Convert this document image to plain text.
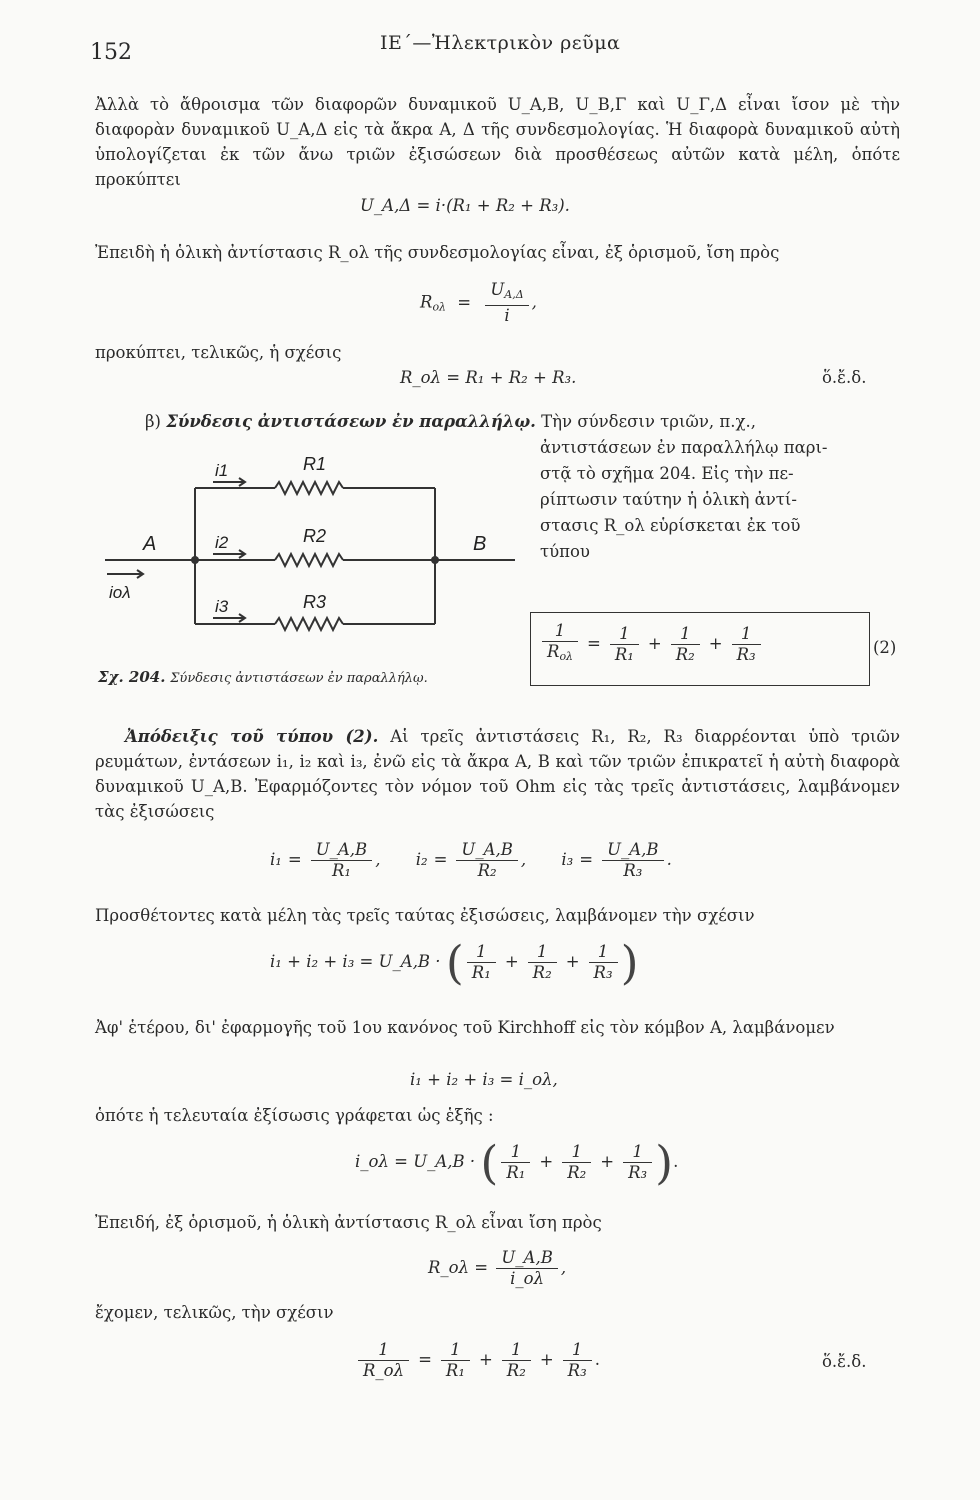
152	ΙΕ΄—Ἠλεκτρικὸν ρεῦμα
Ἀλλὰ τὸ ἄθροισμα τῶν διαφορῶν δυναμικοῦ U_A,B, U_B,Γ καὶ U_Γ,Δ εἶναι ἴσον μὲ τὴν διαφορὰν δυναμικοῦ U_A,Δ εἰς τὰ ἄκρα A, Δ τῆς συνδεσμολογίας. Ἡ διαφορὰ δυναμικοῦ αὐτὴ ὑπολογίζεται ἐκ τῶν ἄνω τριῶν ἐξισώσεων διὰ προσθέσεως αὐτῶν κατὰ μέλη, ὁπότε προκύπτει
U_A,Δ = i·(R₁ + R₂ + R₃).
Ἐπειδὴ ἡ ὁλικὴ ἀντίστασις R_ολ τῆς συνδεσμολογίας εἶναι, ἐξ ὁρισμοῦ, ἴση πρὸς
$R_{o\lambda} = \frac{U_{A,\Delta}}{i}$ ,
προκύπτει, τελικῶς, ἡ σχέσις
R_ολ = R₁ + R₂ + R₃.	ὅ.ἔ.δ.
β) Σύνδεσις ἀντιστάσεων ἐν παραλλήλῳ. Τὴν σύνδεσιν τριῶν, π.χ.,
ἀντιστάσεων ἐν παραλλήλῳ παρι-
στᾷ τὸ σχῆμα 204. Εἰς τὴν πε-
ρίπτωσιν ταύτην ἡ ὁλικὴ ἀντί-
στασις R_ολ εὑρίσκεται ἐκ τοῦ
τύπου
$\frac{1}{R_{o\lambda}} = \frac{1}{\text{R₁}} + \frac{1}{\text{R₂}} + \frac{1}{\text{R₃}}$	(2)
A	B
i1
i2
i3
R1
R2
R3
iολ
Σχ. 204. Σύνδεσις ἀντιστάσεων ἐν παραλλήλῳ.
Ἀπόδειξις τοῦ τύπου (2). Αἱ τρεῖς ἀντιστάσεις R₁, R₂, R₃ διαρρέονται ὑπὸ τριῶν ρευμάτων, ἐντάσεων i₁, i₂ καὶ i₃, ἐνῶ εἰς τὰ ἄκρα A, B καὶ τῶν τριῶν ἐπικρατεῖ ἡ αὐτὴ διαφορὰ δυναμικοῦ U_A,B. Ἐφαρμόζοντες τὸν νόμον τοῦ Ohm εἰς τὰς τρεῖς ἀντιστάσεις, λαμβάνομεν τὰς ἐξισώσεις
$i_1 = \frac{U\_A,B}{\text{R₁}}$ , $i_2 = \frac{U\_A,B}{\text{R₂}}$ , $i_3 = \frac{U\_A,B}{\text{R₃}}$ .
Προσθέτοντες κατὰ μέλη τὰς τρεῖς ταύτας ἐξισώσεις, λαμβάνομεν τὴν σχέσιν
i₁ + i₂ + i₃ = U_A,B · ( $\frac{1}{\text{R₁}} + \frac{1}{\text{R₂}} + \frac{1}{\text{R₃}}$ )
Ἀφ' ἑτέρου, δι' ἐφαρμογῆς τοῦ 1ου κανόνος τοῦ Kirchhoff εἰς τὸν κόμβον A, λαμβάνομεν
i₁ + i₂ + i₃ = i_ολ,
ὁπότε ἡ τελευταία ἐξίσωσις γράφεται ὡς ἑξῆς :
i_ολ = U_A,B · ( $\frac{1}{\text{R₁}} + \frac{1}{\text{R₂}} + \frac{1}{\text{R₃}}$ ).
Ἐπειδή, ἐξ ὁρισμοῦ, ἡ ὁλικὴ ἀντίστασις R_ολ εἶναι ἴση πρὸς
R_ολ = $\frac{U\_A,B}{i\_o\lambda}$ ,
ἔχομεν, τελικῶς, τὴν σχέσιν
$\frac{1}{R\_o\lambda} = \frac{1}{\text{R₁}} + \frac{1}{\text{R₂}} + \frac{1}{\text{R₃}}$ .	ὅ.ἔ.δ.
